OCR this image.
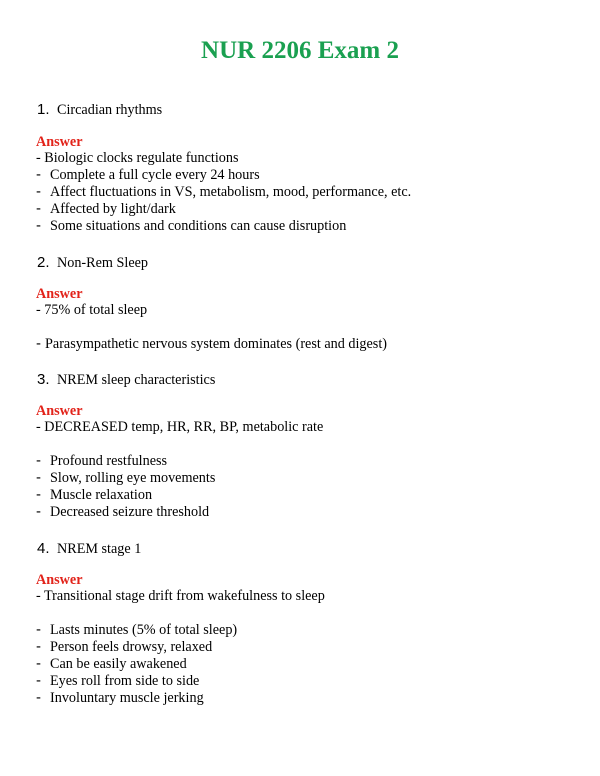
NUR 2206 Exam 2
1. Circadian rhythms
Answer
- Biologic clocks regulate functions
- Complete a full cycle every 24 hours
- Affect fluctuations in VS, metabolism, mood, performance, etc.
- Affected by light/dark
- Some situations and conditions can cause disruption
2. Non-Rem Sleep
Answer
- 75% of total sleep
- Parasympathetic nervous system dominates (rest and digest)
3. NREM sleep characteristics
Answer
- DECREASED temp, HR, RR, BP, metabolic rate
- Profound restfulness
- Slow, rolling eye movements
- Muscle relaxation
- Decreased seizure threshold
4. NREM stage 1
Answer
- Transitional stage drift from wakefulness to sleep
- Lasts minutes (5% of total sleep)
- Person feels drowsy, relaxed
- Can be easily awakened
- Eyes roll from side to side
- Involuntary muscle jerking
